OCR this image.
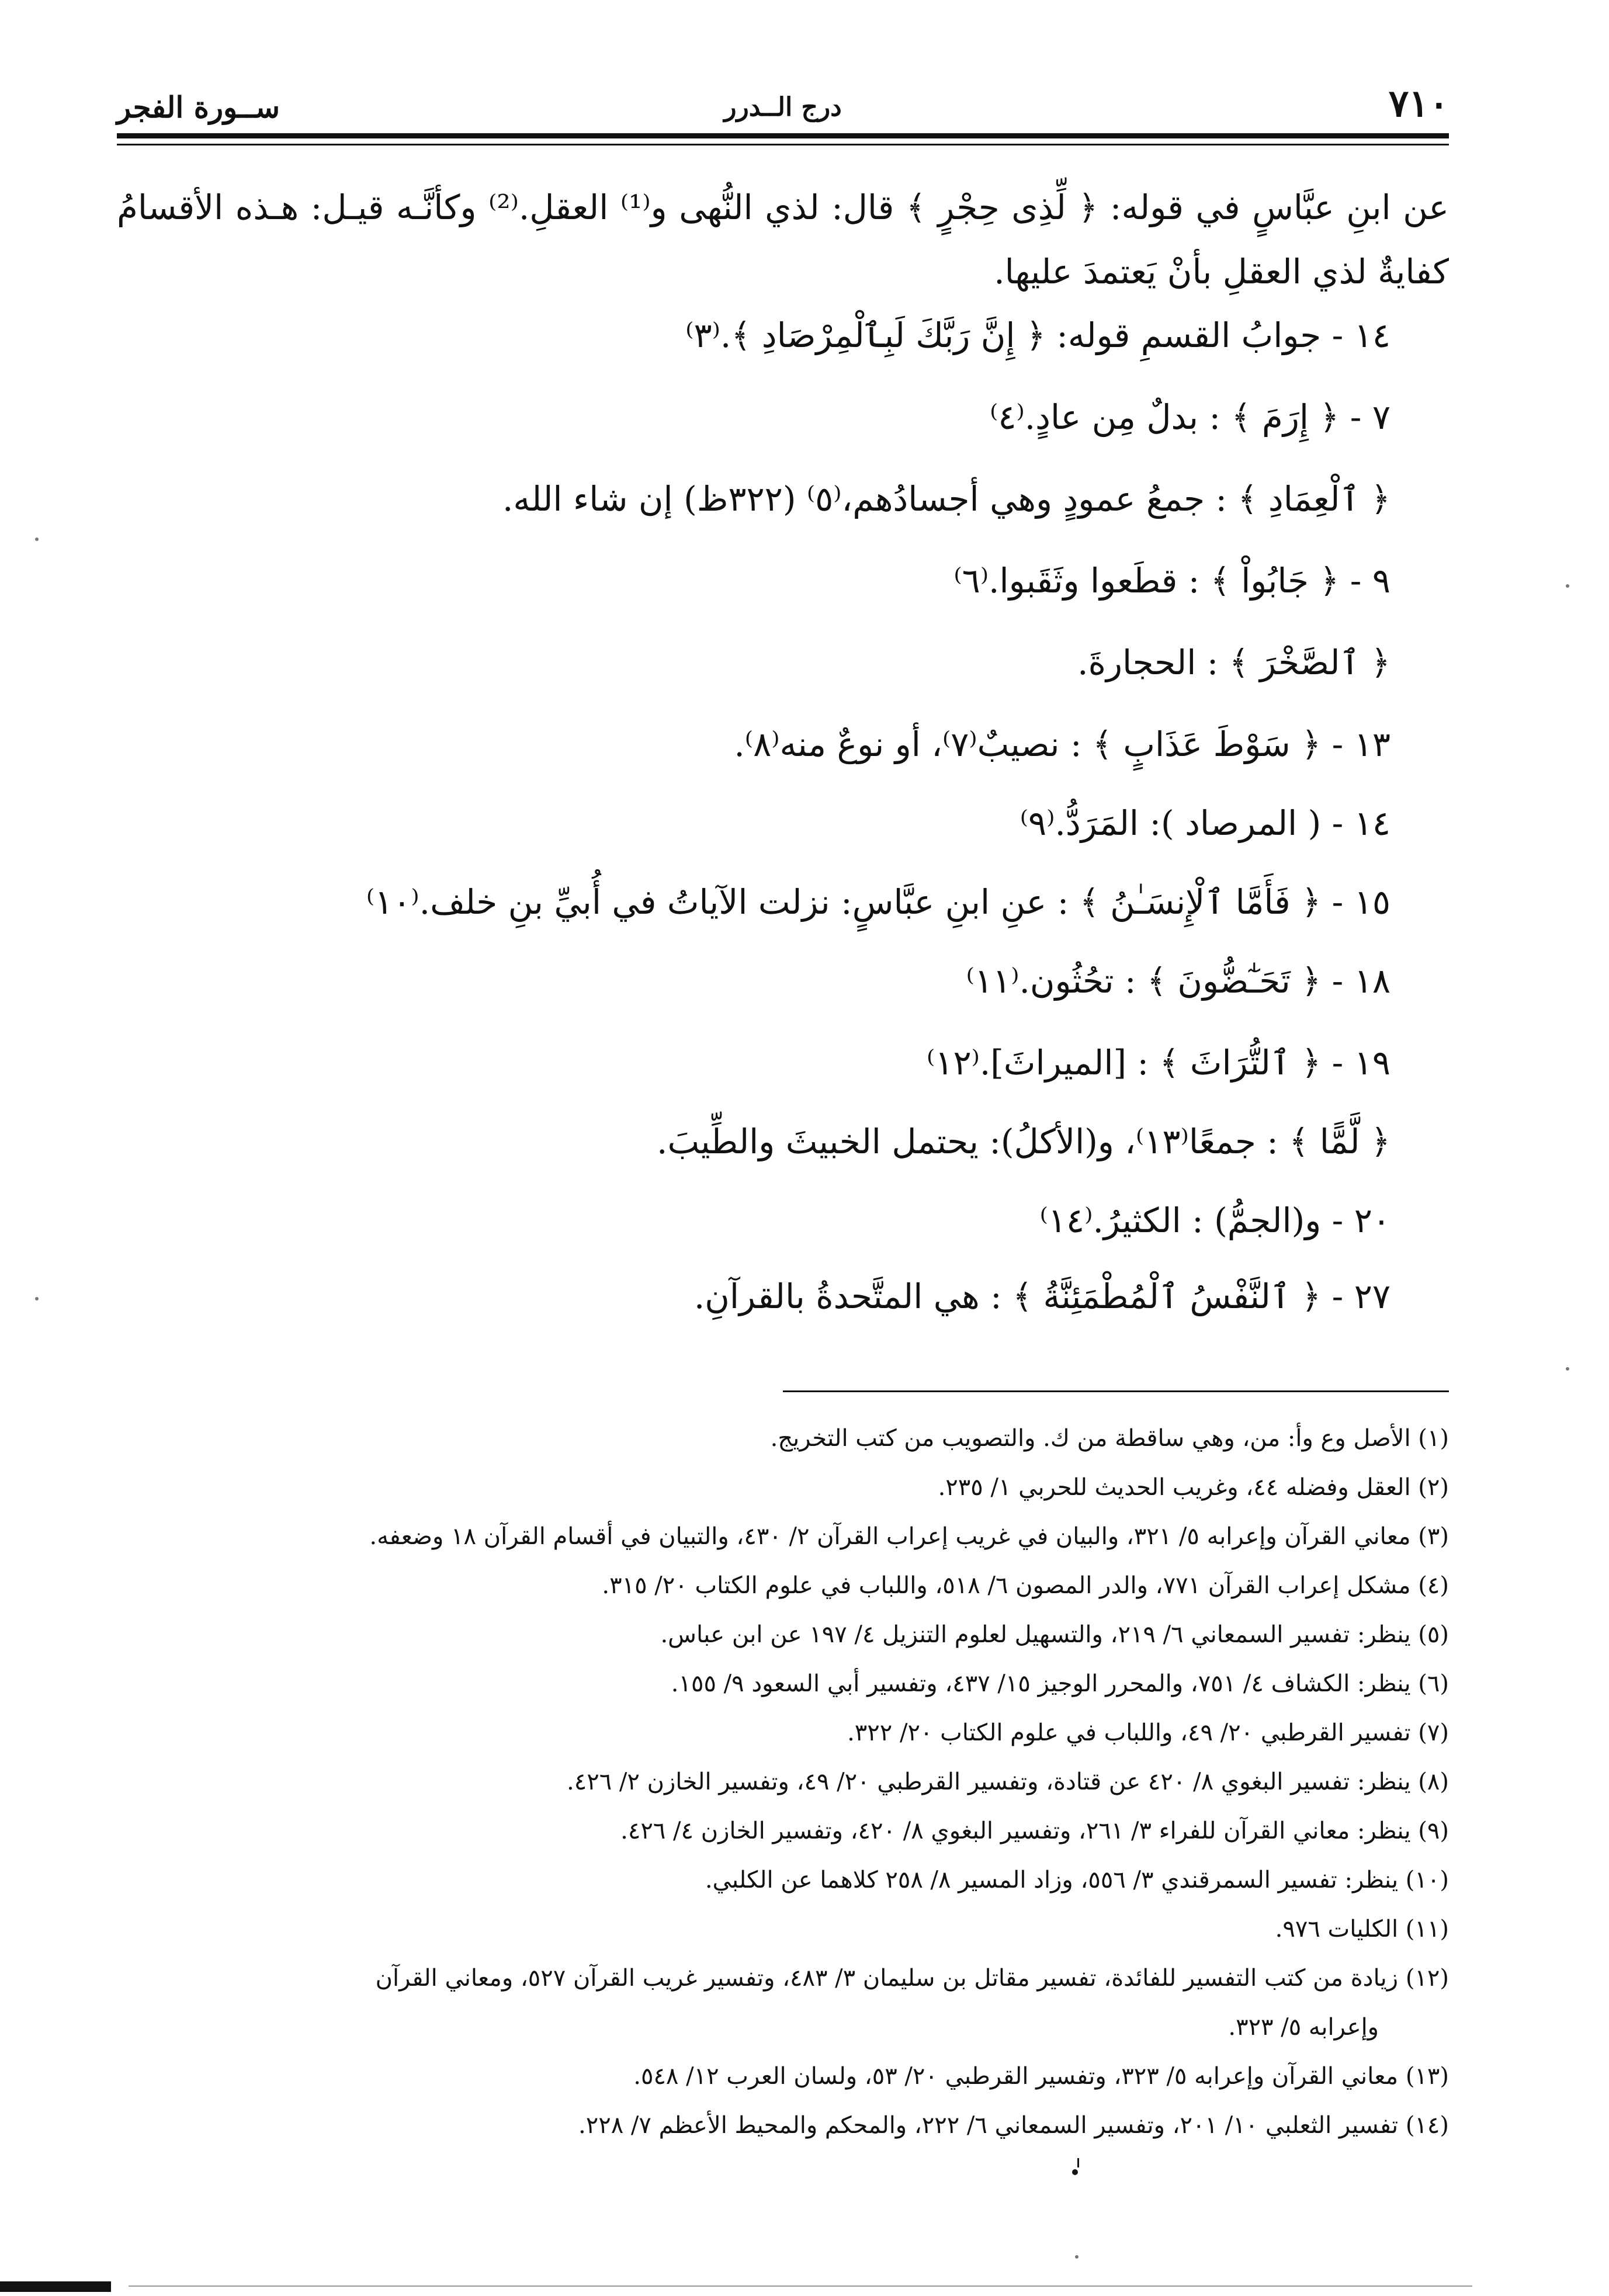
٧١٠
درج الــدرر
ســورة الفجر
عن ابنِ عبَّاسٍ في قوله: ﴿ لِّذِى حِجْرٍ ﴾ قال: لذي النُّهى و⁽¹⁾ العقلِ.⁽²⁾ وكأنَّـه قيـل: هـذه الأقسامُ كفايةٌ لذي العقلِ بأنْ يَعتمدَ عليها.
١٤ - جوابُ القسمِ قوله: ﴿ إِنَّ رَبَّكَ لَبِٱلْمِرْصَادِ ﴾.⁽٣⁾
٧ - ﴿ إِرَمَ ﴾ : بدلٌ مِن عادٍ.⁽٤⁾
﴿ ٱلْعِمَادِ ﴾ : جمعُ عمودٍ وهي أجسادُهم،⁽٥⁾ (٣٢٢ظ) إن شاء الله.
٩ - ﴿ جَابُواْ ﴾ : قطَعوا وثَقَبوا.⁽٦⁾
﴿ ٱلصَّخْرَ ﴾ : الحجارةَ.
١٣ - ﴿ سَوْطَ عَذَابٍ ﴾ : نصيبٌ⁽٧⁾، أو نوعٌ منه⁽٨⁾.
١٤ - ( المرصاد ): المَرَدُّ.⁽٩⁾
١٥ - ﴿ فَأَمَّا ٱلْإِنسَـٰنُ ﴾ : عنِ ابنِ عبَّاسٍ: نزلت الآياتُ في أُبيِّ بنِ خلف.⁽١٠⁾
١٨ - ﴿ تَحَـٰٓضُّونَ ﴾ : تحُثُون.⁽١١⁾
١٩ - ﴿ ٱلتُّرَاثَ ﴾ : [الميراثَ].⁽١٢⁾
﴿ لَّمًّا ﴾ : جمعًا⁽١٣⁾، و(الأكلُ): يحتمل الخبيثَ والطِّيبَ.
٢٠ - و(الجمُّ) : الكثيرُ.⁽١٤⁾
٢٧ - ﴿ ٱلنَّفْسُ ٱلْمُطْمَئِنَّةُ ﴾ : هي المتَّحدةُ بالقرآنِ.
(١) الأصل وع وأ: من، وهي ساقطة من ك. والتصويب من كتب التخريج.
(٢) العقل وفضله ٤٤، وغريب الحديث للحربي ١/ ٢٣٥.
(٣) معاني القرآن وإعرابه ٥/ ٣٢١، والبيان في غريب إعراب القرآن ٢/ ٤٣٠، والتبيان في أقسام القرآن ١٨ وضعفه.
(٤) مشكل إعراب القرآن ٧٧١، والدر المصون ٦/ ٥١٨، واللباب في علوم الكتاب ٢٠/ ٣١٥.
(٥) ينظر: تفسير السمعاني ٦/ ٢١٩، والتسهيل لعلوم التنزيل ٤/ ١٩٧ عن ابن عباس.
(٦) ينظر: الكشاف ٤/ ٧٥١، والمحرر الوجيز ١٥/ ٤٣٧، وتفسير أبي السعود ٩/ ١٥٥.
(٧) تفسير القرطبي ٢٠/ ٤٩، واللباب في علوم الكتاب ٢٠/ ٣٢٢.
(٨) ينظر: تفسير البغوي ٨/ ٤٢٠ عن قتادة، وتفسير القرطبي ٢٠/ ٤٩، وتفسير الخازن ٢/ ٤٢٦.
(٩) ينظر: معاني القرآن للفراء ٣/ ٢٦١، وتفسير البغوي ٨/ ٤٢٠، وتفسير الخازن ٤/ ٤٢٦.
(١٠) ينظر: تفسير السمرقندي ٣/ ٥٥٦، وزاد المسير ٨/ ٢٥٨ كلاهما عن الكلبي.
(١١) الكليات ٩٧٦.
(١٢) زيادة من كتب التفسير للفائدة، تفسير مقاتل بن سليمان ٣/ ٤٨٣، وتفسير غريب القرآن ٥٢٧، ومعاني القرآن
وإعرابه ٥/ ٣٢٣.
(١٣) معاني القرآن وإعرابه ٥/ ٣٢٣، وتفسير القرطبي ٢٠/ ٥٣، ولسان العرب ١٢/ ٥٤٨.
(١٤) تفسير الثعلبي ١٠/ ٢٠١، وتفسير السمعاني ٦/ ٢٢٢، والمحكم والمحيط الأعظم ٧/ ٢٢٨.
